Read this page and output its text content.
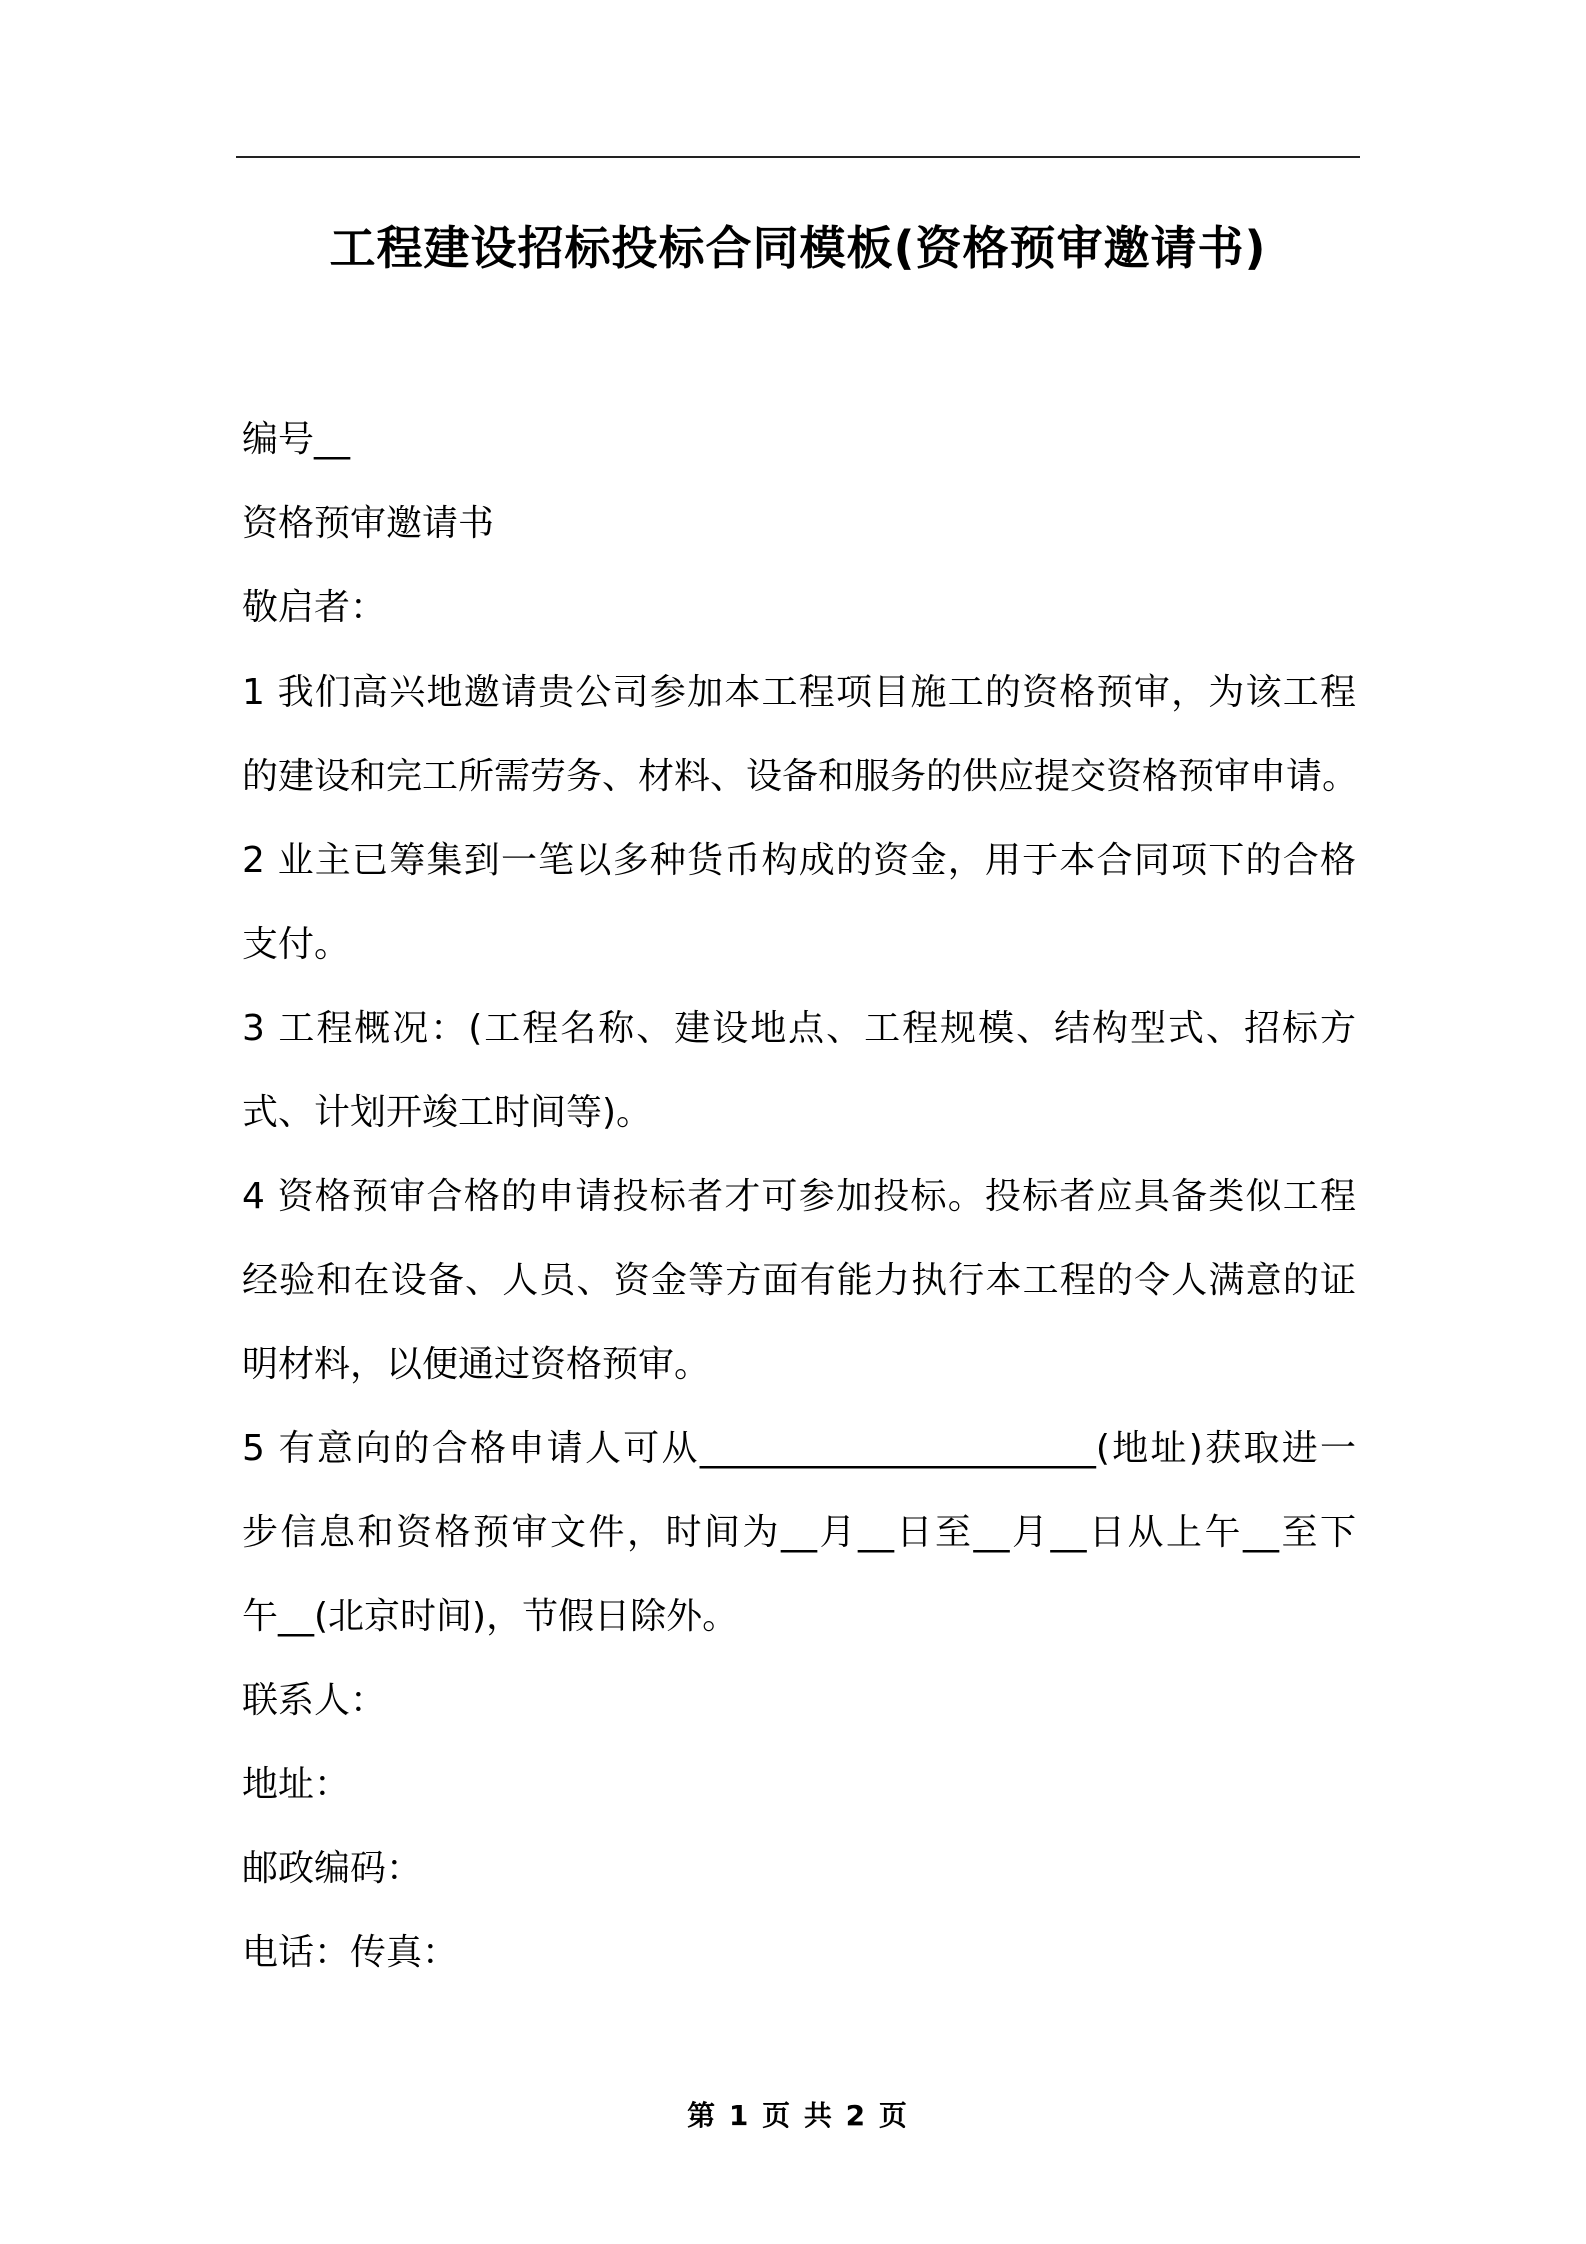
工程建设招标投标合同模板(资格预审邀请书)
编号__
资格预审邀请书
敬启者：
1 我们高兴地邀请贵公司参加本工程项目施工的资格预审，为该工程
的建设和完工所需劳务、材料、设备和服务的供应提交资格预审申请。
2 业主已筹集到一笔以多种货币构成的资金，用于本合同项下的合格
支付。
3 工程概况：(工程名称、建设地点、工程规模、结构型式、招标方
式、计划开竣工时间等)。
4 资格预审合格的申请投标者才可参加投标。投标者应具备类似工程
经验和在设备、人员、资金等方面有能力执行本工程的令人满意的证
明材料，以便通过资格预审。
5 有意向的合格申请人可从______________________(地址)获取进一
步信息和资格预审文件，时间为__月__日至__月__日从上午__至下
午__(北京时间)，节假日除外。
联系人：
地址：
邮政编码：
电话：传真：
第 1 页 共 2 页
